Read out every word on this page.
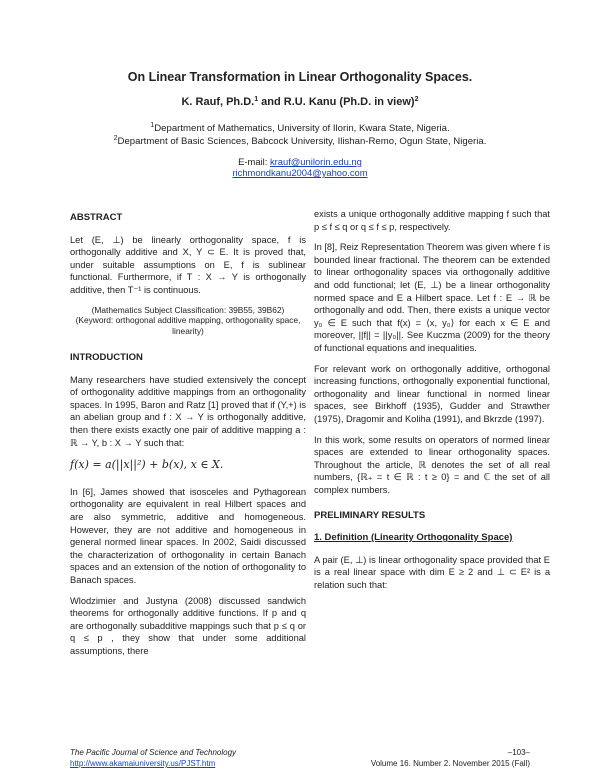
On Linear Transformation in Linear Orthogonality Spaces.
K. Rauf, Ph.D.$^1$ and R.U. Kanu (Ph.D. in view)$^2$
$^1$Department of Mathematics, University of Ilorin, Kwara State, Nigeria.
$^2$Department of Basic Sciences, Babcock University, Ilishan-Remo, Ogun State, Nigeria.
E-mail: krauf@unilorin.edu.ng
richmondkanu2004@yahoo.com
ABSTRACT

Let (E, ⊥) be linearly orthogonality space, f is orthogonally additive and X, Y ⊂ E. It is proved that, under suitable assumptions on E, f is sublinear functional. Furthermore, if T : X → Y is orthogonally additive, then T⁻¹ is continuous.

(Mathematics Subject Classification: 39B55, 39B62)
(Keyword: orthogonal additive mapping, orthogonality space, linearity)
INTRODUCTION

Many researchers have studied extensively the concept of orthogonality additive mappings from an orthogonality spaces. In 1995, Baron and Ratz [1] proved that if (Y,+) is an abelian group and f : X → Y is orthogonally additive, then there exists exactly one pair of additive mapping a : ℝ → Y, b : X → Y such that:

f(x) = a(||x||²) + b(x), x ∈ X.

In [6], James showed that isosceles and Pythagorean orthogonality are equivalent in real Hilbert spaces and are also symmetric, additive and homogeneous. However, they are not additive and homogeneous in general normed linear spaces. In 2002, Saidi discussed the characterization of orthogonality in certain Banach spaces and an extension of the notion of orthogonality to Banach spaces.

Wlodzimier and Justyna (2008) discussed sandwich theorems for orthogonally additive functions. If p and q are orthogonally subadditive mappings such that p ≤ q or q ≤ p , they show that under some additional assumptions, there

exists a unique orthogonally additive mapping f such that p ≤ f ≤ q or q ≤ f ≤ p, respectively.

In [8], Reiz Representation Theorem was given where f is bounded linear fractional. The theorem can be extended to linear orthogonality spaces via orthogonally additive and odd functional; let (E, ⊥) be a linear orthogonality normed space and E a Hilbert space. Let f : E → ℝ be orthogonally and odd. Then, there exists a unique vector y₀ ∈ E such that f(x) = ⟨x, y₀⟩ for each x ∈ E and moreover, ||f|| = ||y₀||. See Kuczma (2009) for the theory of functional equations and inequalities.

For relevant work on orthogonally additive, orthogonal increasing functions, orthogonally exponential functional, orthogonality and linear functional in normed linear spaces, see Birkhoff (1935), Gudder and Strawther (1975), Dragomir and Koliha (1991), and Bkrzde (1997).

In this work, some results on operators of normed linear spaces are extended to linear orthogonality spaces. Throughout the article, ℝ denotes the set of all real numbers, {ℝ₊ = t ∈ ℝ : t ≥ 0} = and ℂ the set of all complex numbers.

PRELIMINARY RESULTS
1. Definition (Linearity Orthogonality Space)

A pair (E, ⊥) is linear orthogonality space provided that E is a real linear space with dim E ≥ 2 and ⊥ ⊂ E² is a relation such that:

The Pacific Journal of Science and Technology
http://www.akamaiuniversity.us/PJST.htm
–103–
Volume 16. Number 2. November 2015 (Fall)
